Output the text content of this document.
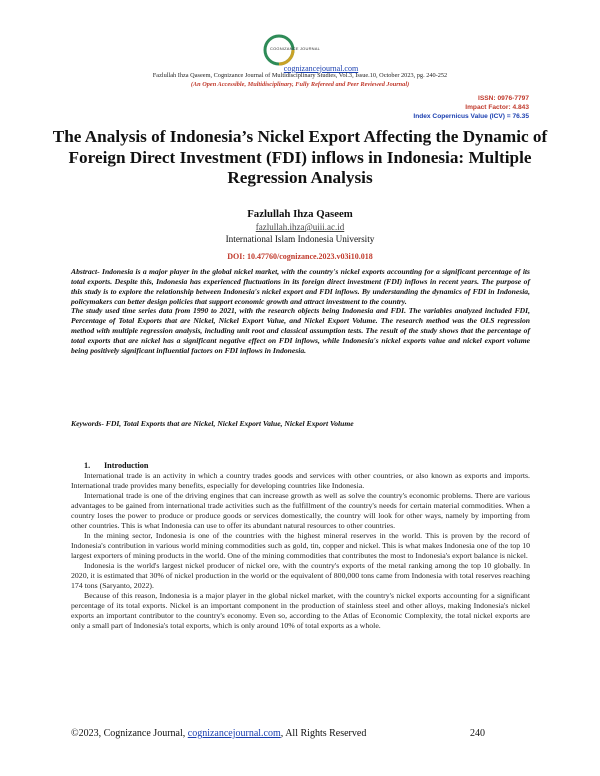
COGNIZANCE JOURNAL
cognizancejournal.com
Fazlullah Ihza Qaseem, Cognizance Journal of Multidisciplinary Studies, Vol.3, Issue.10, October 2023, pg. 240-252
(An Open Accessible, Multidisciplinary, Fully Refereed and Peer Reviewed Journal)
ISSN: 0976-7797
Impact Factor: 4.843
Index Copernicus Value (ICV) = 76.35
The Analysis of Indonesia’s Nickel Export Affecting the Dynamic of Foreign Direct Investment (FDI) inflows in Indonesia: Multiple Regression Analysis
Fazlullah Ihza Qaseem
fazlullah.ihza@uiii.ac.id
International Islam Indonesia University
DOI: 10.47760/cognizance.2023.v03i10.018

Abstract- Indonesia is a major player in the global nickel market, with the country's nickel exports accounting for a significant percentage of its total exports. Despite this, Indonesia has experienced fluctuations in its foreign direct investment (FDI) inflows in recent years. The purpose of this study is to explore the relationship between Indonesia's nickel export and FDI inflows. By understanding the dynamics of FDI in Indonesia, policymakers can better design policies that support economic growth and attract investment to the country.

The study used time series data from 1990 to 2021, with the research objects being Indonesia and FDI. The variables analyzed included FDI, Percentage of Total Exports that are Nickel, Nickel Export Value, and Nickel Export Volume. The research method was the OLS regression method with multiple regression analysis, including unit root and classical assumption tests. The result of the study shows that the percentage of total exports that are nickel has a significant negative effect on FDI inflows, while Indonesia's nickel exports value and nickel export volume being positively significant influential factors on FDI inflows in Indonesia.

Keywords- FDI, Total Exports that are Nickel, Nickel Export Value, Nickel Export Volume
1. Introduction

International trade is an activity in which a country trades goods and services with other countries, or also known as exports and imports. International trade provides many benefits, especially for developing countries like Indonesia.

International trade is one of the driving engines that can increase growth as well as solve the country's economic problems. There are various advantages to be gained from international trade activities such as the fulfillment of the country's needs for certain material commodities. When a country loses the power to produce or produce goods or services domestically, the country will look for other ways, namely by importing from other countries. This is what Indonesia can use to offer its abundant natural resources to other countries.

In the mining sector, Indonesia is one of the countries with the highest mineral reserves in the world. This is proven by the record of Indonesia's contribution in various world mining commodities such as gold, tin, copper and nickel. This is what makes Indonesia one of the top 10 largest exporters of mining products in the world. One of the mining commodities that contributes the most to Indonesia's export balance is nickel.

Indonesia is the world's largest nickel producer of nickel ore, with the country's exports of the metal ranking among the top 10 globally. In 2020, it is estimated that 30% of nickel production in the world or the equivalent of 800,000 tons came from Indonesia with total reserves reaching 174 tons (Saryanto, 2022).

Because of this reason, Indonesia is a major player in the global nickel market, with the country's nickel exports accounting for a significant percentage of its total exports. Nickel is an important component in the production of stainless steel and other alloys, making Indonesia's nickel exports an important contributor to the country's economy. Even so, according to the Atlas of Economic Complexity, the total nickel exports are only a small part of Indonesia's total exports, which is only around 10% of total exports as a whole.

©2023, Cognizance Journal, cognizancejournal.com, All Rights Reserved	240
